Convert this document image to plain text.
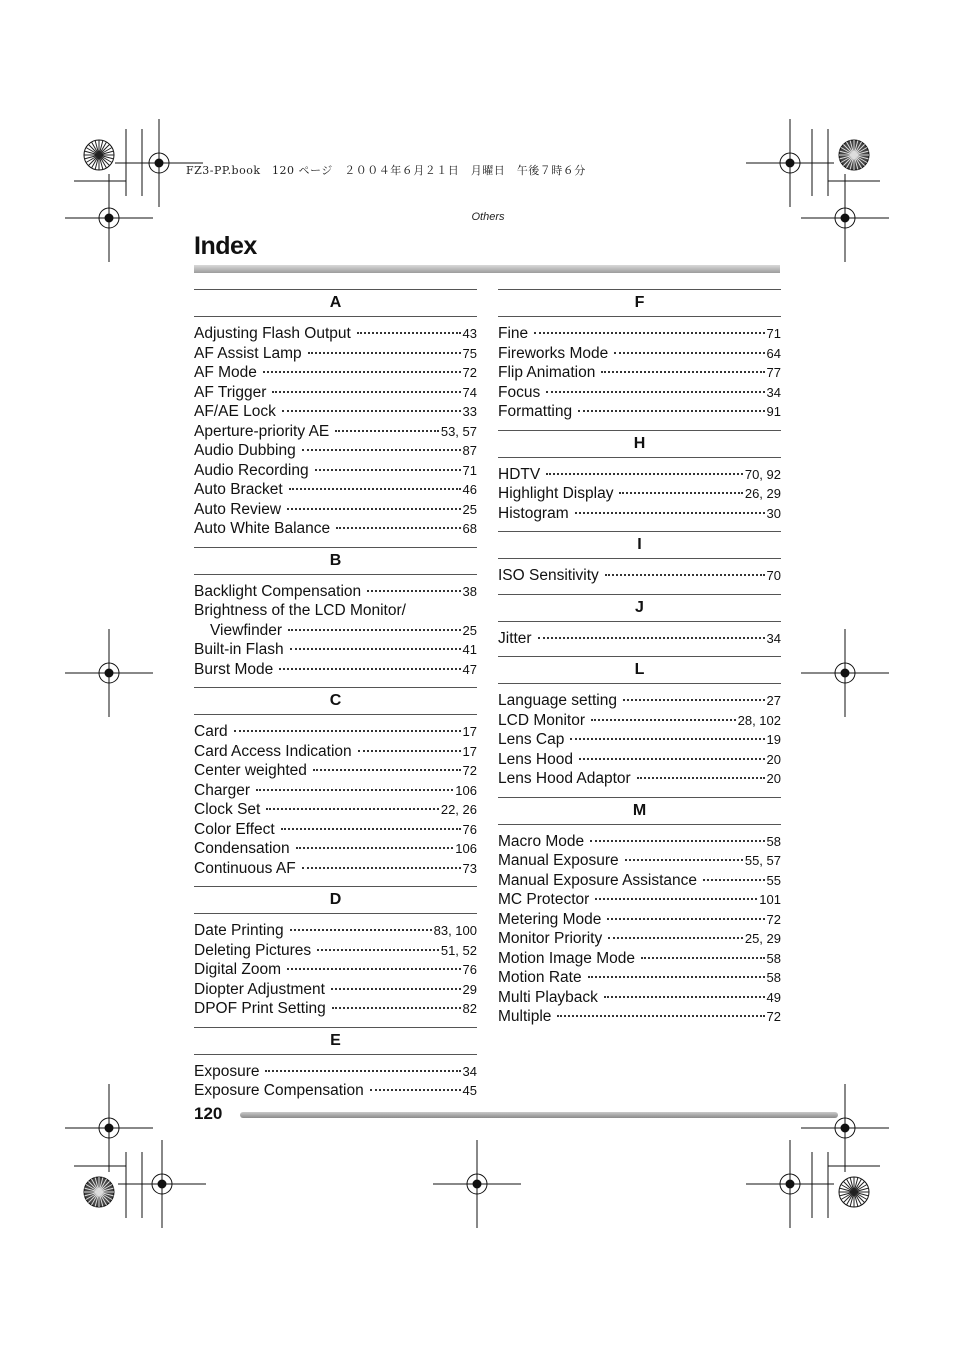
FZ3-PP.book　120 ページ　２００４年６月２１日　月曜日　午後７時６分
Others
Index
A
Adjusting Flash Output	43
AF Assist Lamp	75
AF Mode	72
AF Trigger	74
AF/AE Lock	33
Aperture-priority AE	53, 57
Audio Dubbing	87
Audio Recording	71
Auto Bracket	46
Auto Review	25
Auto White Balance	68
B
Backlight Compensation	38
Brightness of the LCD Monitor/
Viewfinder	25
Built-in Flash	41
Burst Mode	47
C
Card	17
Card Access Indication	17
Center weighted	72
Charger	106
Clock Set	22, 26
Color Effect	76
Condensation	106
Continuous AF	73
D
Date Printing	83, 100
Deleting Pictures	51, 52
Digital Zoom	76
Diopter Adjustment	29
DPOF Print Setting	82
E
Exposure	34
Exposure Compensation	45
F
Fine	71
Fireworks Mode	64
Flip Animation	77
Focus	34
Formatting	91
H
HDTV	70, 92
Highlight Display	26, 29
Histogram	30
I
ISO Sensitivity	70
J
Jitter	34
L
Language setting	27
LCD Monitor	28, 102
Lens Cap	19
Lens Hood	20
Lens Hood Adaptor	20
M
Macro Mode	58
Manual Exposure	55, 57
Manual Exposure Assistance	55
MC Protector	101
Metering Mode	72
Monitor Priority	25, 29
Motion Image Mode	58
Motion Rate	58
Multi Playback	49
Multiple	72
120
